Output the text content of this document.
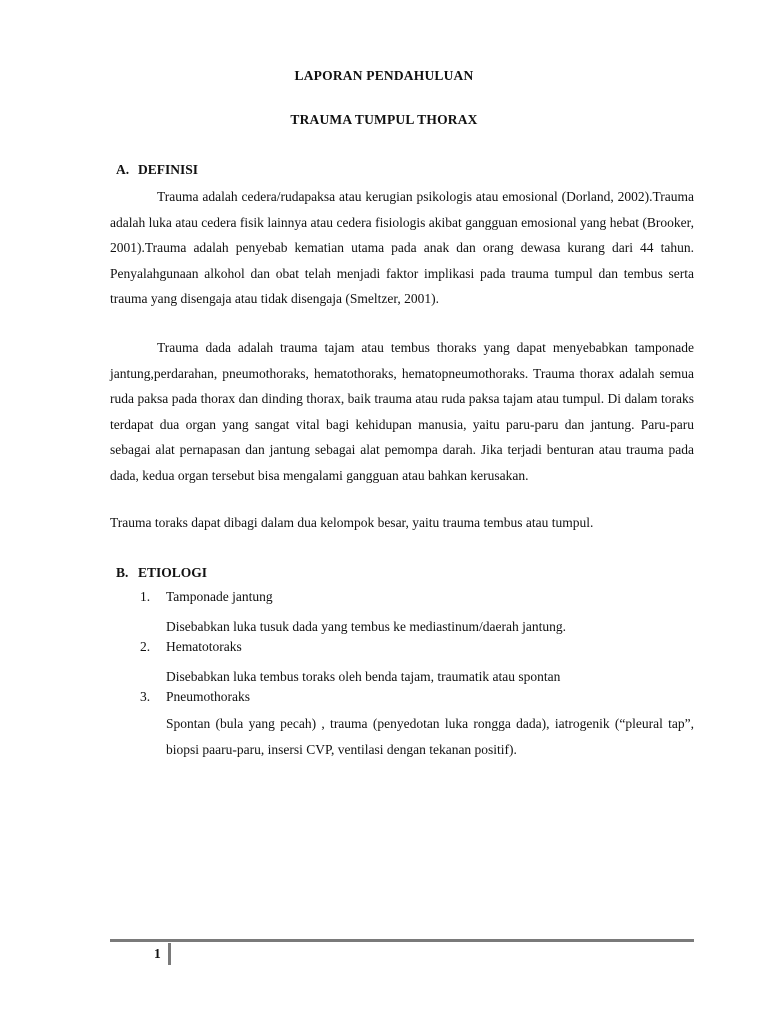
LAPORAN PENDAHULUAN
TRAUMA TUMPUL THORAX
A. DEFINISI

Trauma adalah cedera/rudapaksa atau kerugian psikologis atau emosional (Dorland, 2002).Trauma adalah luka atau cedera fisik lainnya atau cedera fisiologis akibat gangguan emosional yang hebat (Brooker, 2001).Trauma adalah penyebab kematian utama pada anak dan orang dewasa kurang dari 44 tahun. Penyalahgunaan alkohol dan obat telah menjadi faktor implikasi pada trauma tumpul dan tembus serta trauma yang disengaja atau tidak disengaja (Smeltzer, 2001).

Trauma dada adalah trauma tajam atau tembus thoraks yang dapat menyebabkan tamponade jantung,perdarahan, pneumothoraks, hematothoraks, hematopneumothoraks. Trauma thorax adalah semua ruda paksa pada thorax dan dinding thorax, baik trauma atau ruda paksa tajam atau tumpul. Di dalam toraks terdapat dua organ yang sangat vital bagi kehidupan manusia, yaitu paru-paru dan jantung. Paru-paru sebagai alat pernapasan dan jantung sebagai alat pemompa darah. Jika terjadi benturan atau trauma pada dada, kedua organ tersebut bisa mengalami gangguan atau bahkan kerusakan.

Trauma toraks dapat dibagi dalam dua kelompok besar, yaitu trauma tembus atau tumpul.

B. ETIOLOGI
1. Tamponade jantung

Disebabkan luka tusuk dada yang tembus ke mediastinum/daerah jantung.

2. Hematotoraks

Disebabkan luka tembus toraks oleh benda tajam, traumatik atau spontan

3. Pneumothoraks

Spontan (bula yang pecah) , trauma (penyedotan luka rongga dada), iatrogenik (“pleural tap”, biopsi paaru-paru, insersi CVP, ventilasi dengan tekanan positif).

1
